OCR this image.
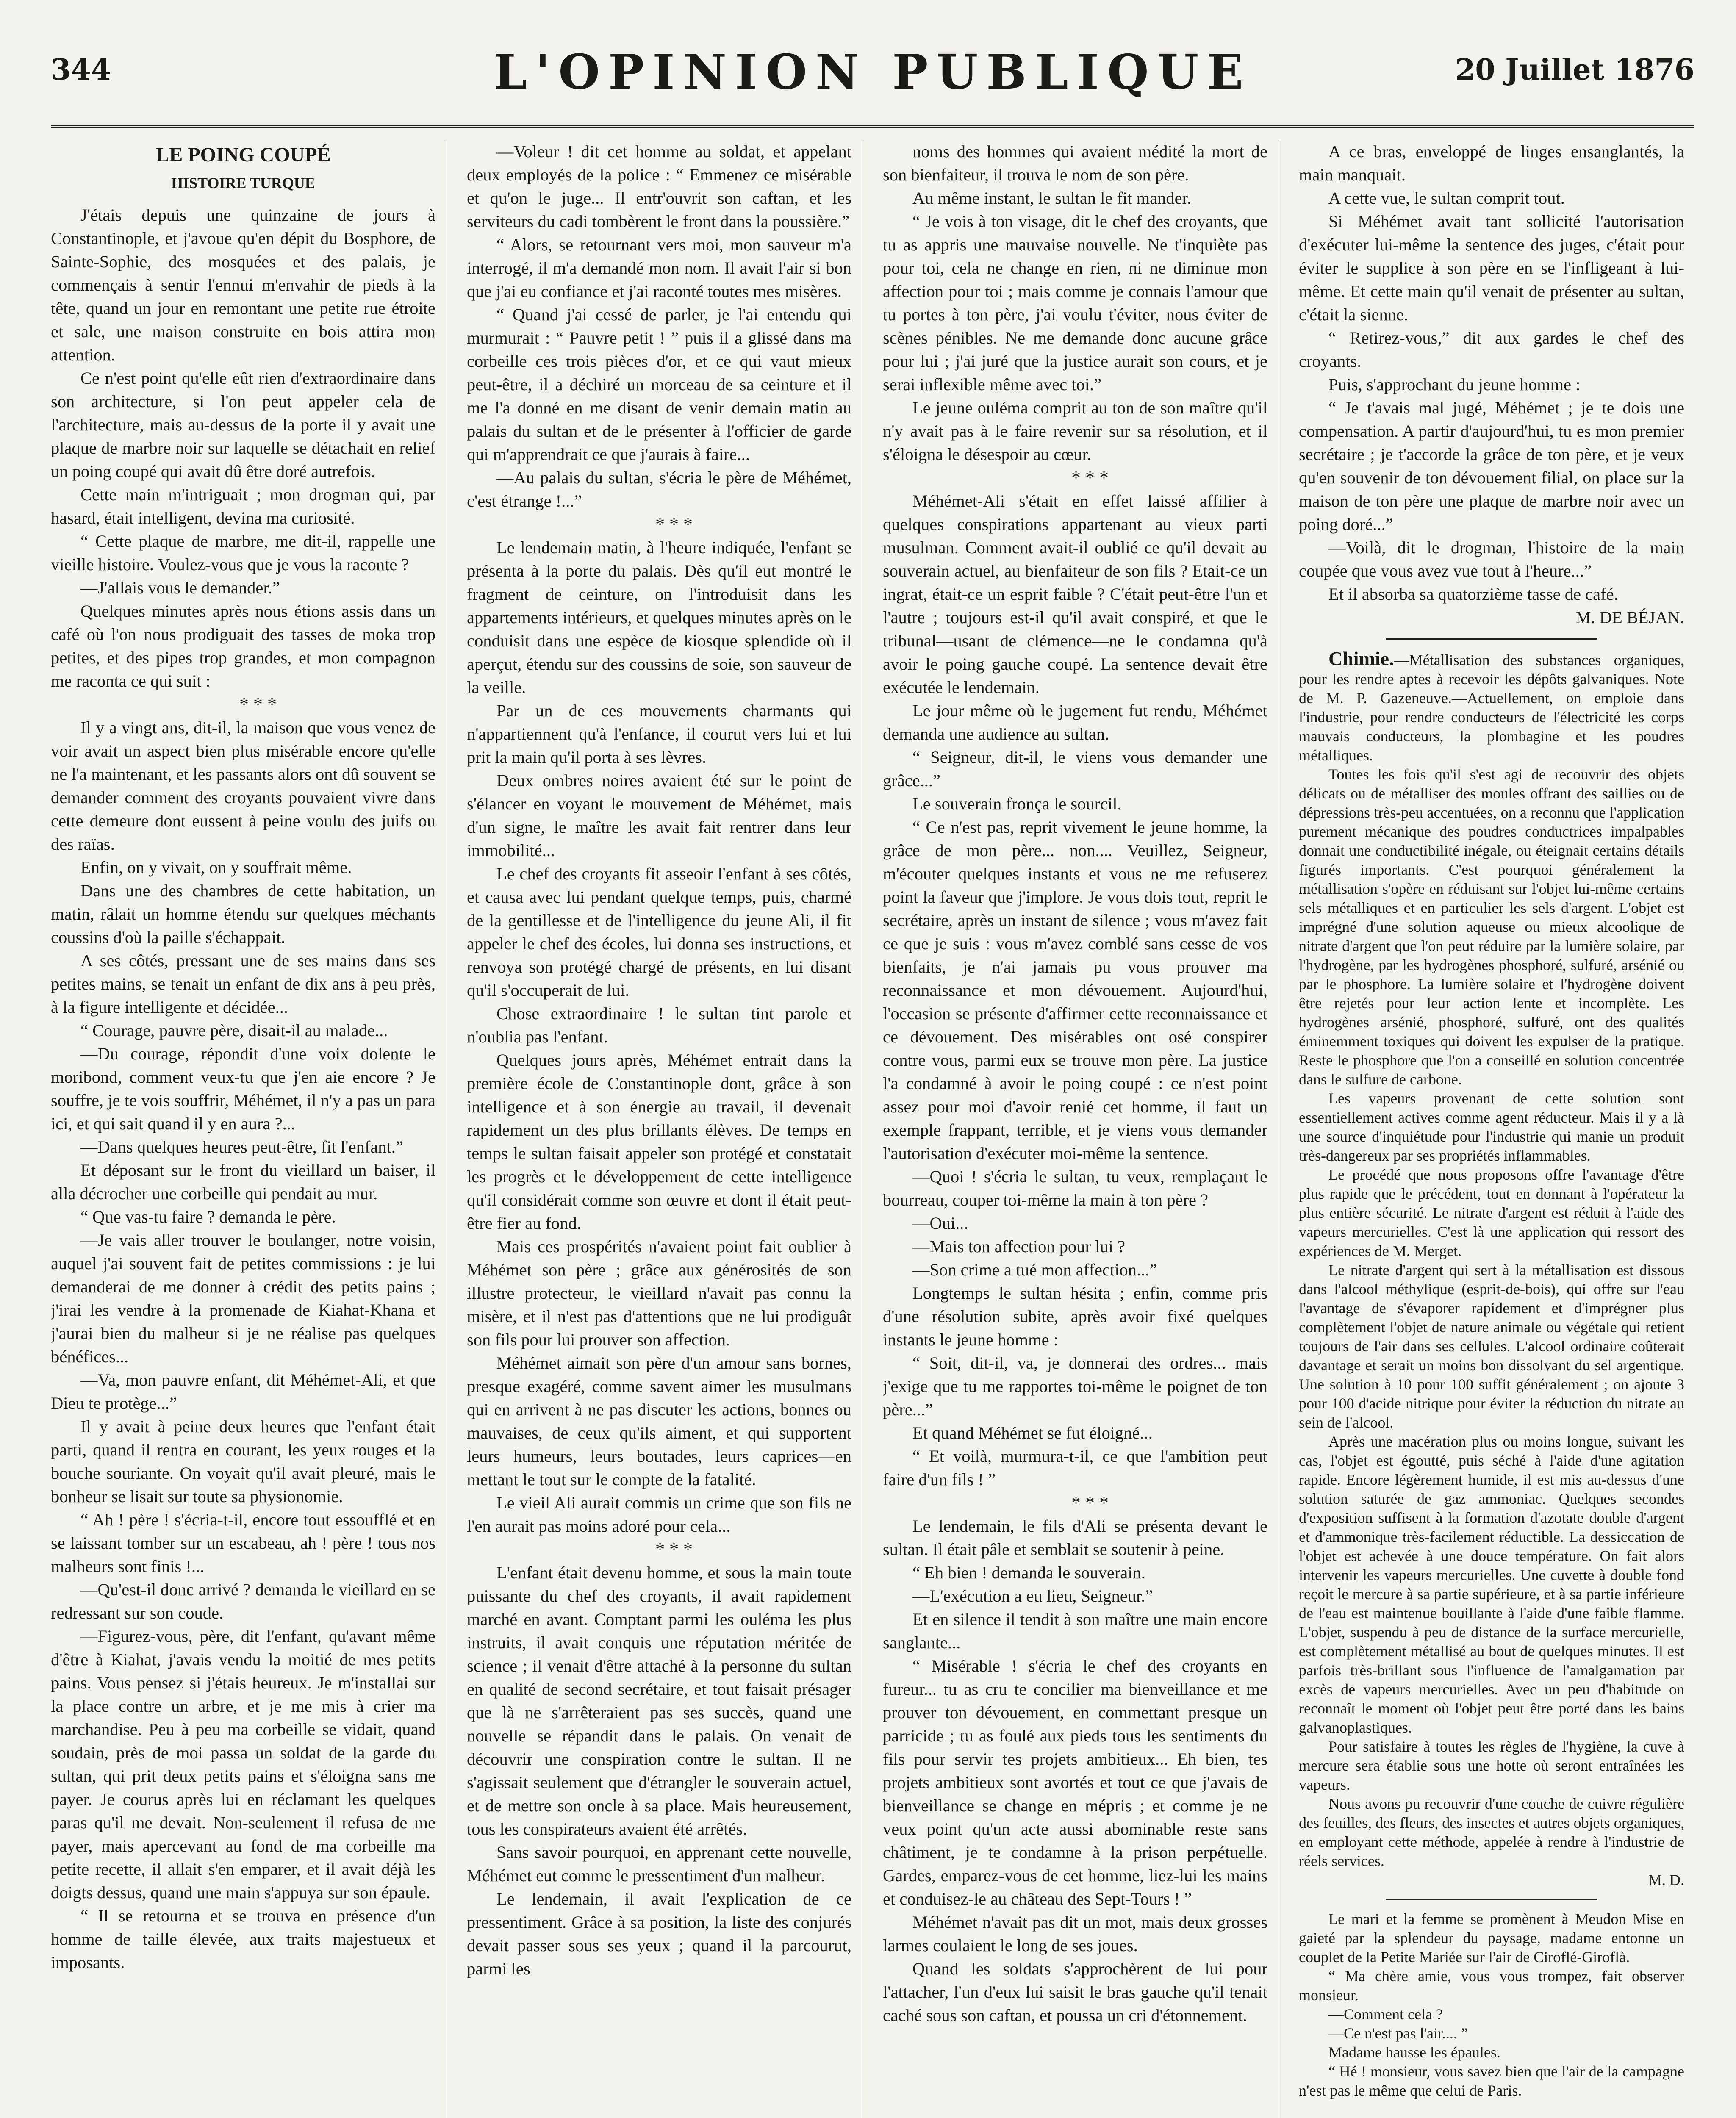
344	L'OPINION PUBLIQUE	20 Juillet 1876
LE POING COUPÉ
HISTOIRE TURQUE

J'étais depuis une quinzaine de jours à Constantinople, et j'avoue qu'en dépit du Bosphore, de Sainte-Sophie, des mosquées et des palais, je commençais à sentir l'ennui m'envahir de pieds à la tête, quand un jour en remontant une petite rue étroite et sale, une maison construite en bois attira mon attention.

Ce n'est point qu'elle eût rien d'extraordinaire dans son architecture, si l'on peut appeler cela de l'architecture, mais au-dessus de la porte il y avait une plaque de marbre noir sur laquelle se détachait en relief un poing coupé qui avait dû être doré autrefois.

Cette main m'intriguait ; mon drogman qui, par hasard, était intelligent, devina ma curiosité.

“ Cette plaque de marbre, me dit-il, rappelle une vieille histoire. Voulez-vous que je vous la raconte ?

—J'allais vous le demander.”

Quelques minutes après nous étions assis dans un café où l'on nous prodiguait des tasses de moka trop petites, et des pipes trop grandes, et mon compagnon me raconta ce qui suit :

* * *

Il y a vingt ans, dit-il, la maison que vous venez de voir avait un aspect bien plus misérable encore qu'elle ne l'a maintenant, et les passants alors ont dû souvent se demander comment des croyants pouvaient vivre dans cette demeure dont eussent à peine voulu des juifs ou des raïas.

Enfin, on y vivait, on y souffrait même.

Dans une des chambres de cette habitation, un matin, râlait un homme étendu sur quelques méchants coussins d'où la paille s'échappait.

A ses côtés, pressant une de ses mains dans ses petites mains, se tenait un enfant de dix ans à peu près, à la figure intelligente et décidée...

“ Courage, pauvre père, disait-il au malade...

—Du courage, répondit d'une voix dolente le moribond, comment veux-tu que j'en aie encore ? Je souffre, je te vois souffrir, Méhémet, il n'y a pas un para ici, et qui sait quand il y en aura ?...

—Dans quelques heures peut-être, fit l'enfant.”

Et déposant sur le front du vieillard un baiser, il alla décrocher une corbeille qui pendait au mur.

“ Que vas-tu faire ? demanda le père.

—Je vais aller trouver le boulanger, notre voisin, auquel j'ai souvent fait de petites commissions : je lui demanderai de me donner à crédit des petits pains ; j'irai les vendre à la promenade de Kiahat-Khana et j'aurai bien du malheur si je ne réalise pas quelques bénéfices...

—Va, mon pauvre enfant, dit Méhémet-Ali, et que Dieu te protège...”

Il y avait à peine deux heures que l'enfant était parti, quand il rentra en courant, les yeux rouges et la bouche souriante. On voyait qu'il avait pleuré, mais le bonheur se lisait sur toute sa physionomie.

“ Ah ! père ! s'écria-t-il, encore tout essoufflé et en se laissant tomber sur un escabeau, ah ! père ! tous nos malheurs sont finis !...

—Qu'est-il donc arrivé ? demanda le vieillard en se redressant sur son coude.

—Figurez-vous, père, dit l'enfant, qu'avant même d'être à Kiahat, j'avais vendu la moitié de mes petits pains. Vous pensez si j'étais heureux. Je m'installai sur la place contre un arbre, et je me mis à crier ma marchandise. Peu à peu ma corbeille se vidait, quand soudain, près de moi passa un soldat de la garde du sultan, qui prit deux petits pains et s'éloigna sans me payer. Je courus après lui en réclamant les quelques paras qu'il me devait. Non-seulement il refusa de me payer, mais apercevant au fond de ma corbeille ma petite recette, il allait s'en emparer, et il avait déjà les doigts dessus, quand une main s'appuya sur son épaule.

“ Il se retourna et se trouva en présence d'un homme de taille élevée, aux traits majestueux et imposants.

—Voleur ! dit cet homme au soldat, et appelant deux employés de la police : “ Emmenez ce misérable et qu'on le juge... Il entr'ouvrit son caftan, et les serviteurs du cadi tombèrent le front dans la poussière.”

“ Alors, se retournant vers moi, mon sauveur m'a interrogé, il m'a demandé mon nom. Il avait l'air si bon que j'ai eu confiance et j'ai raconté toutes mes misères.

“ Quand j'ai cessé de parler, je l'ai entendu qui murmurait : “ Pauvre petit ! ” puis il a glissé dans ma corbeille ces trois pièces d'or, et ce qui vaut mieux peut-être, il a déchiré un morceau de sa ceinture et il me l'a donné en me disant de venir demain matin au palais du sultan et de le présenter à l'officier de garde qui m'apprendrait ce que j'aurais à faire...

—Au palais du sultan, s'écria le père de Méhémet, c'est étrange !...”

* * *

Le lendemain matin, à l'heure indiquée, l'enfant se présenta à la porte du palais. Dès qu'il eut montré le fragment de ceinture, on l'introduisit dans les appartements intérieurs, et quelques minutes après on le conduisit dans une espèce de kiosque splendide où il aperçut, étendu sur des coussins de soie, son sauveur de la veille.

Par un de ces mouvements charmants qui n'appartiennent qu'à l'enfance, il courut vers lui et lui prit la main qu'il porta à ses lèvres.

Deux ombres noires avaient été sur le point de s'élancer en voyant le mouvement de Méhémet, mais d'un signe, le maître les avait fait rentrer dans leur immobilité...

Le chef des croyants fit asseoir l'enfant à ses côtés, et causa avec lui pendant quelque temps, puis, charmé de la gentillesse et de l'intelligence du jeune Ali, il fit appeler le chef des écoles, lui donna ses instructions, et renvoya son protégé chargé de présents, en lui disant qu'il s'occuperait de lui.

Chose extraordinaire ! le sultan tint parole et n'oublia pas l'enfant.

Quelques jours après, Méhémet entrait dans la première école de Constantinople dont, grâce à son intelligence et à son énergie au travail, il devenait rapidement un des plus brillants élèves. De temps en temps le sultan faisait appeler son protégé et constatait les progrès et le développement de cette intelligence qu'il considérait comme son œuvre et dont il était peut-être fier au fond.

Mais ces prospérités n'avaient point fait oublier à Méhémet son père ; grâce aux générosités de son illustre protecteur, le vieillard n'avait pas connu la misère, et il n'est pas d'attentions que ne lui prodiguât son fils pour lui prouver son affection.

Méhémet aimait son père d'un amour sans bornes, presque exagéré, comme savent aimer les musulmans qui en arrivent à ne pas discuter les actions, bonnes ou mauvaises, de ceux qu'ils aiment, et qui supportent leurs humeurs, leurs boutades, leurs caprices—en mettant le tout sur le compte de la fatalité.

Le vieil Ali aurait commis un crime que son fils ne l'en aurait pas moins adoré pour cela...

* * *

L'enfant était devenu homme, et sous la main toute puissante du chef des croyants, il avait rapidement marché en avant. Comptant parmi les ouléma les plus instruits, il avait conquis une réputation méritée de science ; il venait d'être attaché à la personne du sultan en qualité de second secrétaire, et tout faisait présager que là ne s'arrêteraient pas ses succès, quand une nouvelle se répandit dans le palais. On venait de découvrir une conspiration contre le sultan. Il ne s'agissait seulement que d'étrangler le souverain actuel, et de mettre son oncle à sa place. Mais heureusement, tous les conspirateurs avaient été arrêtés.

Sans savoir pourquoi, en apprenant cette nouvelle, Méhémet eut comme le pressentiment d'un malheur.

Le lendemain, il avait l'explication de ce pressentiment. Grâce à sa position, la liste des conjurés devait passer sous ses yeux ; quand il la parcourut, parmi les

noms des hommes qui avaient médité la mort de son bienfaiteur, il trouva le nom de son père.

Au même instant, le sultan le fit mander.

“ Je vois à ton visage, dit le chef des croyants, que tu as appris une mauvaise nouvelle. Ne t'inquiète pas pour toi, cela ne change en rien, ni ne diminue mon affection pour toi ; mais comme je connais l'amour que tu portes à ton père, j'ai voulu t'éviter, nous éviter de scènes pénibles. Ne me demande donc aucune grâce pour lui ; j'ai juré que la justice aurait son cours, et je serai inflexible même avec toi.”

Le jeune ouléma comprit au ton de son maître qu'il n'y avait pas à le faire revenir sur sa résolution, et il s'éloigna le désespoir au cœur.

* * *

Méhémet-Ali s'était en effet laissé affilier à quelques conspirations appartenant au vieux parti musulman. Comment avait-il oublié ce qu'il devait au souverain actuel, au bienfaiteur de son fils ? Etait-ce un ingrat, était-ce un esprit faible ? C'était peut-être l'un et l'autre ; toujours est-il qu'il avait conspiré, et que le tribunal—usant de clémence—ne le condamna qu'à avoir le poing gauche coupé. La sentence devait être exécutée le lendemain.

Le jour même où le jugement fut rendu, Méhémet demanda une audience au sultan.

“ Seigneur, dit-il, le viens vous demander une grâce...”

Le souverain fronça le sourcil.

“ Ce n'est pas, reprit vivement le jeune homme, la grâce de mon père... non.... Veuillez, Seigneur, m'écouter quelques instants et vous ne me refuserez point la faveur que j'implore. Je vous dois tout, reprit le secrétaire, après un instant de silence ; vous m'avez fait ce que je suis : vous m'avez comblé sans cesse de vos bienfaits, je n'ai jamais pu vous prouver ma reconnaissance et mon dévouement. Aujourd'hui, l'occasion se présente d'affirmer cette reconnaissance et ce dévouement. Des misérables ont osé conspirer contre vous, parmi eux se trouve mon père. La justice l'a condamné à avoir le poing coupé : ce n'est point assez pour moi d'avoir renié cet homme, il faut un exemple frappant, terrible, et je viens vous demander l'autorisation d'exécuter moi-même la sentence.

—Quoi ! s'écria le sultan, tu veux, remplaçant le bourreau, couper toi-même la main à ton père ?

—Oui...

—Mais ton affection pour lui ?

—Son crime a tué mon affection...”

Longtemps le sultan hésita ; enfin, comme pris d'une résolution subite, après avoir fixé quelques instants le jeune homme :

“ Soit, dit-il, va, je donnerai des ordres... mais j'exige que tu me rapportes toi-même le poignet de ton père...”

Et quand Méhémet se fut éloigné...

“ Et voilà, murmura-t-il, ce que l'ambition peut faire d'un fils ! ”

* * *

Le lendemain, le fils d'Ali se présenta devant le sultan. Il était pâle et semblait se soutenir à peine.

“ Eh bien ! demanda le souverain.

—L'exécution a eu lieu, Seigneur.”

Et en silence il tendit à son maître une main encore sanglante...

“ Misérable ! s'écria le chef des croyants en fureur... tu as cru te concilier ma bienveillance et me prouver ton dévouement, en commettant presque un parricide ; tu as foulé aux pieds tous les sentiments du fils pour servir tes projets ambitieux... Eh bien, tes projets ambitieux sont avortés et tout ce que j'avais de bienveillance se change en mépris ; et comme je ne veux point qu'un acte aussi abominable reste sans châtiment, je te condamne à la prison perpétuelle. Gardes, emparez-vous de cet homme, liez-lui les mains et conduisez-le au château des Sept-Tours ! ”

Méhémet n'avait pas dit un mot, mais deux grosses larmes coulaient le long de ses joues.

Quand les soldats s'approchèrent de lui pour l'attacher, l'un d'eux lui saisit le bras gauche qu'il tenait caché sous son caftan, et poussa un cri d'étonnement.

A ce bras, enveloppé de linges ensanglantés, la main manquait.

A cette vue, le sultan comprit tout.

Si Méhémet avait tant sollicité l'autorisation d'exécuter lui-même la sentence des juges, c'était pour éviter le supplice à son père en se l'infligeant à lui-même. Et cette main qu'il venait de présenter au sultan, c'était la sienne.

“ Retirez-vous,” dit aux gardes le chef des croyants.

Puis, s'approchant du jeune homme :

“ Je t'avais mal jugé, Méhémet ; je te dois une compensation. A partir d'aujourd'hui, tu es mon premier secrétaire ; je t'accorde la grâce de ton père, et je veux qu'en souvenir de ton dévouement filial, on place sur la maison de ton père une plaque de marbre noir avec un poing doré...”

—Voilà, dit le drogman, l'histoire de la main coupée que vous avez vue tout à l'heure...”

Et il absorba sa quatorzième tasse de café.

M. DE BÉJAN.

Chimie.—Métallisation des substances organiques, pour les rendre aptes à recevoir les dépôts galvaniques. Note de M. P. Gazeneuve.—Actuellement, on emploie dans l'industrie, pour rendre conducteurs de l'électricité les corps mauvais conducteurs, la plombagine et les poudres métalliques.

Toutes les fois qu'il s'est agi de recouvrir des objets délicats ou de métalliser des moules offrant des saillies ou de dépressions très-peu accentuées, on a reconnu que l'application purement mécanique des poudres conductrices impalpables donnait une conductibilité inégale, ou éteignait certains détails figurés importants. C'est pourquoi généralement la métallisation s'opère en réduisant sur l'objet lui-même certains sels métalliques et en particulier les sels d'argent. L'objet est imprégné d'une solution aqueuse ou mieux alcoolique de nitrate d'argent que l'on peut réduire par la lumière solaire, par l'hydrogène, par les hydrogènes phosphoré, sulfuré, arsénié ou par le phosphore. La lumière solaire et l'hydrogène doivent être rejetés pour leur action lente et incomplète. Les hydrogènes arsénié, phosphoré, sulfuré, ont des qualités éminemment toxiques qui doivent les expulser de la pratique. Reste le phosphore que l'on a conseillé en solution concentrée dans le sulfure de carbone.

Les vapeurs provenant de cette solution sont essentiellement actives comme agent réducteur. Mais il y a là une source d'inquiétude pour l'industrie qui manie un produit très-dangereux par ses propriétés inflammables.

Le procédé que nous proposons offre l'avantage d'être plus rapide que le précédent, tout en donnant à l'opérateur la plus entière sécurité. Le nitrate d'argent est réduit à l'aide des vapeurs mercurielles. C'est là une application qui ressort des expériences de M. Merget.

Le nitrate d'argent qui sert à la métallisation est dissous dans l'alcool méthylique (esprit-de-bois), qui offre sur l'eau l'avantage de s'évaporer rapidement et d'imprégner plus complètement l'objet de nature animale ou végétale qui retient toujours de l'air dans ses cellules. L'alcool ordinaire coûterait davantage et serait un moins bon dissolvant du sel argentique. Une solution à 10 pour 100 suffit généralement ; on ajoute 3 pour 100 d'acide nitrique pour éviter la réduction du nitrate au sein de l'alcool.

Après une macération plus ou moins longue, suivant les cas, l'objet est égoutté, puis séché à l'aide d'une agitation rapide. Encore légèrement humide, il est mis au-dessus d'une solution saturée de gaz ammoniac. Quelques secondes d'exposition suffisent à la formation d'azotate double d'argent et d'ammonique très-facilement réductible. La dessiccation de l'objet est achevée à une douce température. On fait alors intervenir les vapeurs mercurielles. Une cuvette à double fond reçoit le mercure à sa partie supérieure, et à sa partie inférieure de l'eau est maintenue bouillante à l'aide d'une faible flamme. L'objet, suspendu à peu de distance de la surface mercurielle, est complètement métallisé au bout de quelques minutes. Il est parfois très-brillant sous l'influence de l'amalgamation par excès de vapeurs mercurielles. Avec un peu d'habitude on reconnaît le moment où l'objet peut être porté dans les bains galvanoplastiques.

Pour satisfaire à toutes les règles de l'hygiène, la cuve à mercure sera établie sous une hotte où seront entraînées les vapeurs.

Nous avons pu recouvrir d'une couche de cuivre régulière des feuilles, des fleurs, des insectes et autres objets organiques, en employant cette méthode, appelée à rendre à l'industrie de réels services.

M. D.

Le mari et la femme se promènent à Meudon Mise en gaieté par la splendeur du paysage, madame entonne un couplet de la Petite Mariée sur l'air de Ciroflé-Giroflà.

“ Ma chère amie, vous vous trompez, fait observer monsieur.

—Comment cela ?

—Ce n'est pas l'air.... ”

Madame hausse les épaules.

“ Hé ! monsieur, vous savez bien que l'air de la campagne n'est pas le même que celui de Paris.
